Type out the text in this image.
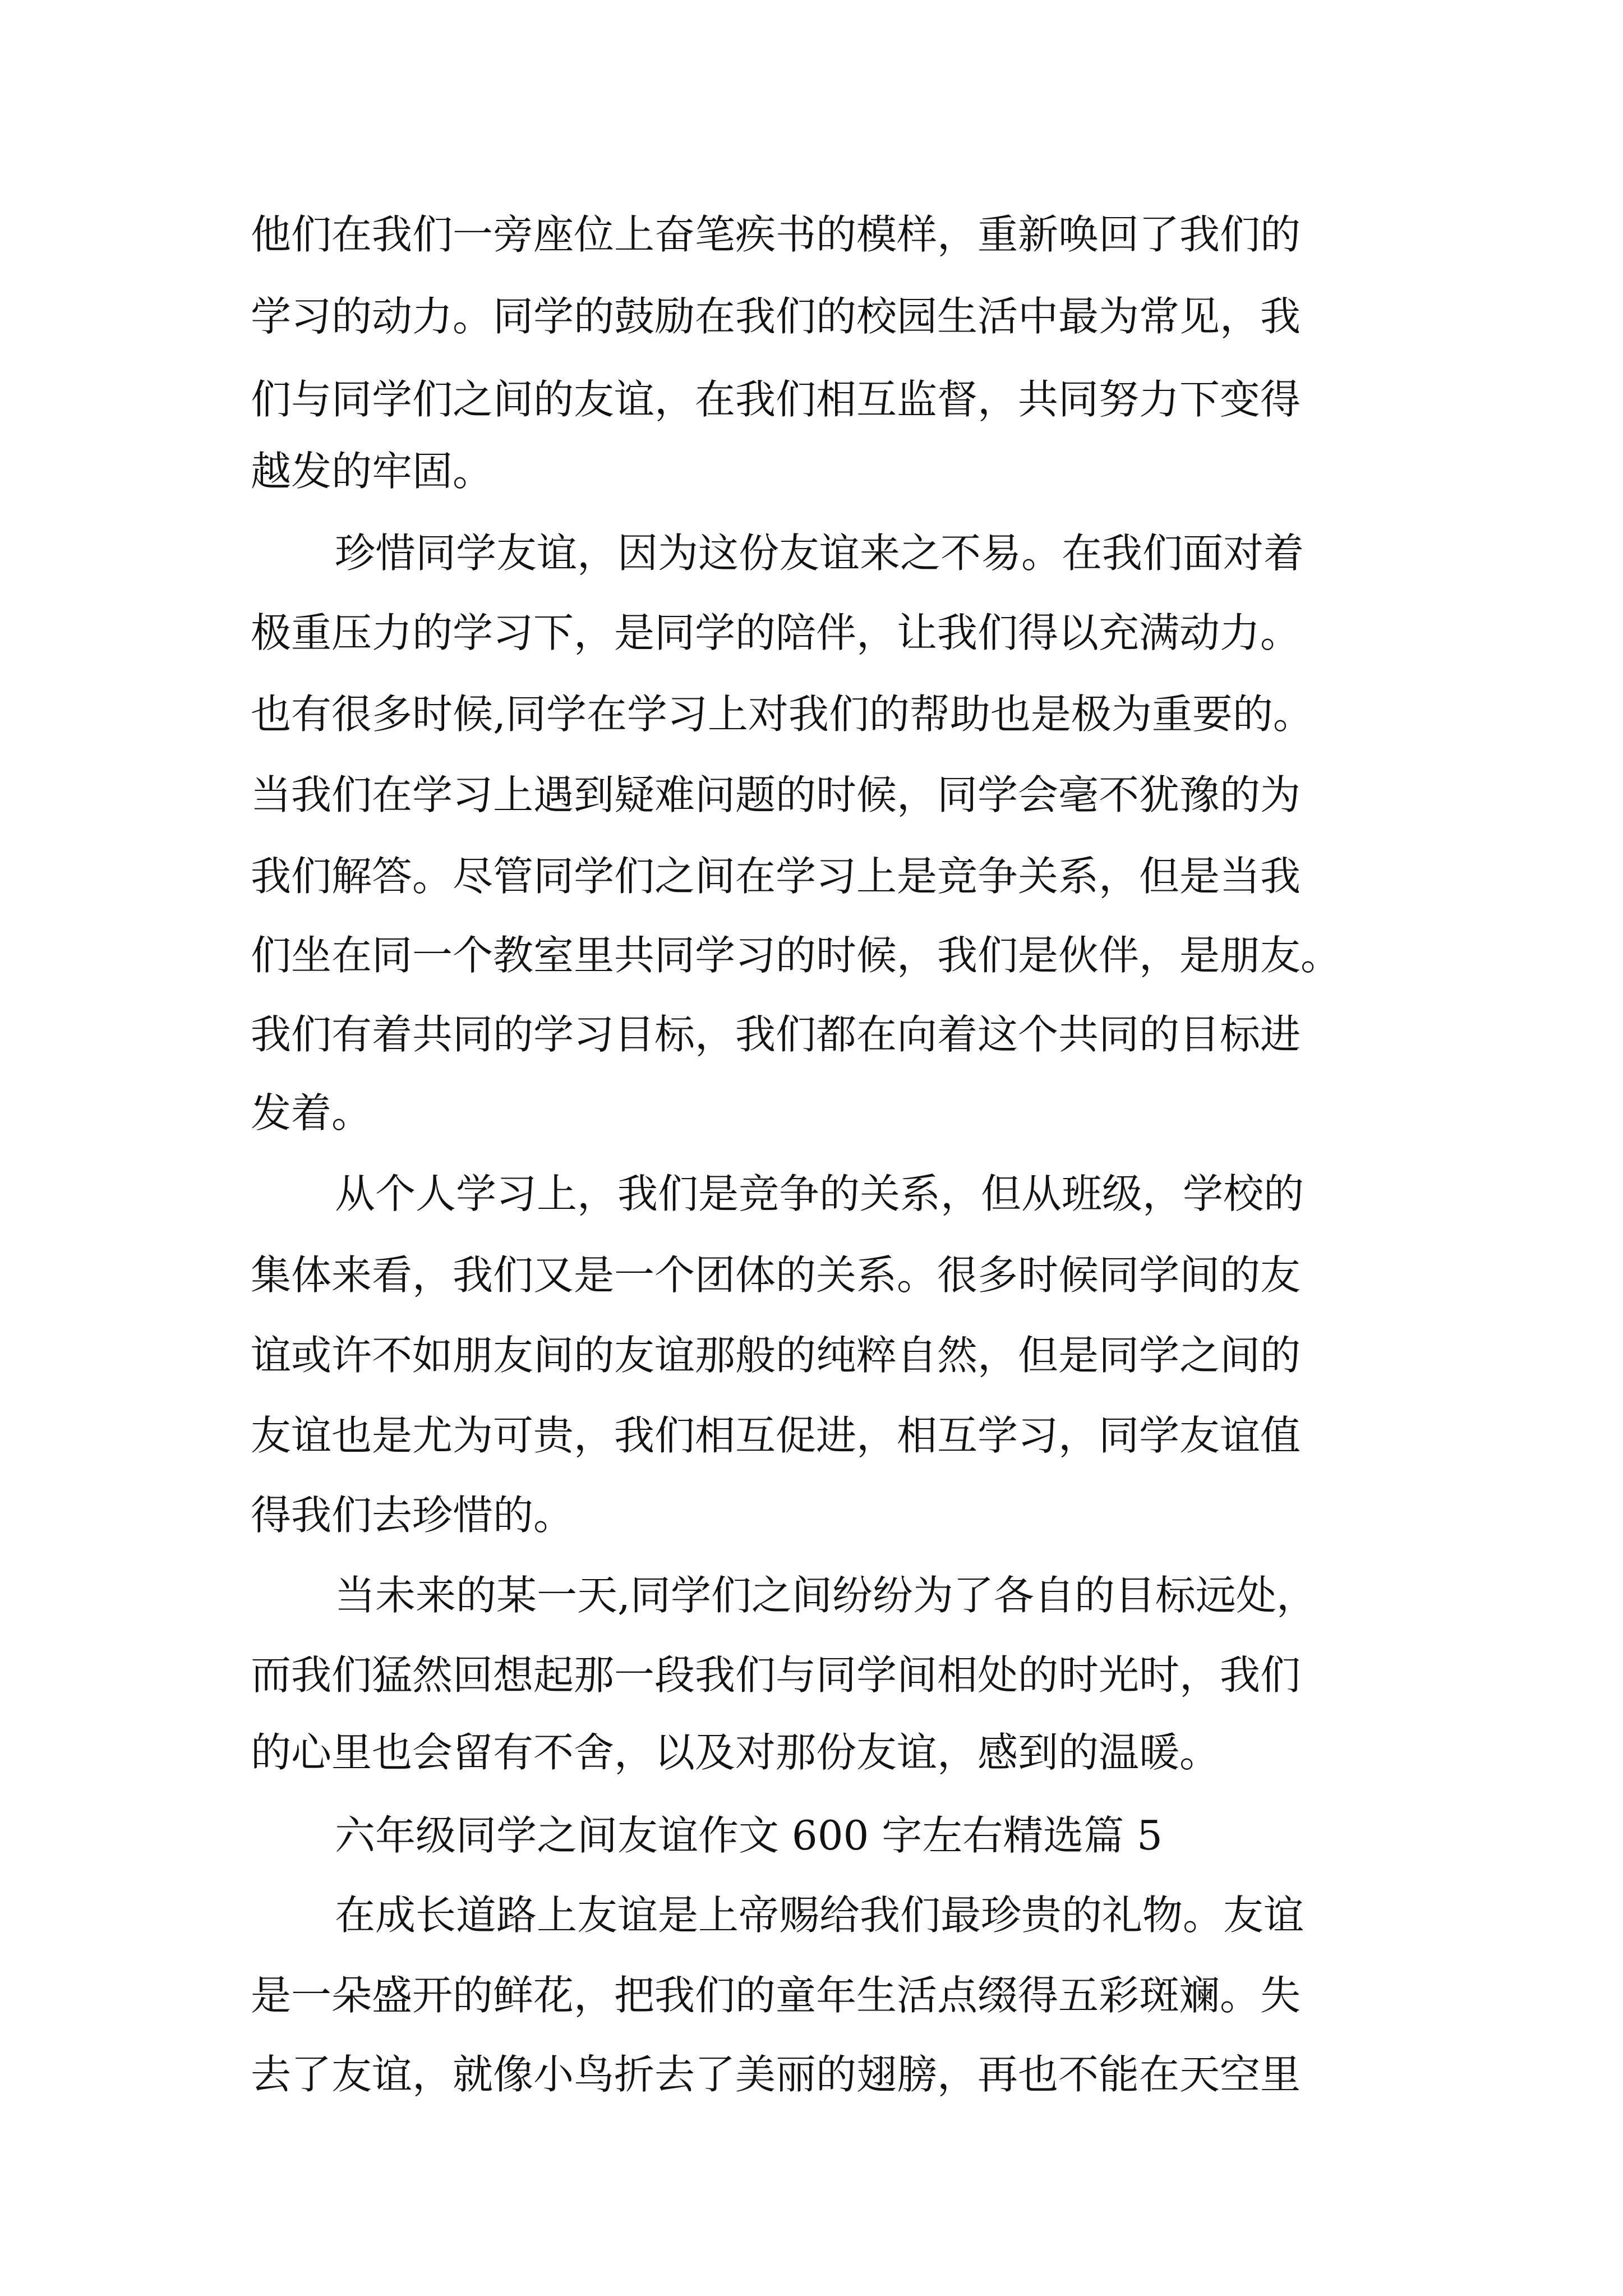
他们在我们一旁座位上奋笔疾书的模样，重新唤回了我们的
学习的动力。同学的鼓励在我们的校园生活中最为常见，我
们与同学们之间的友谊，在我们相互监督，共同努力下变得
越发的牢固。
珍惜同学友谊，因为这份友谊来之不易。在我们面对着
极重压力的学习下，是同学的陪伴，让我们得以充满动力。
也有很多时候,同学在学习上对我们的帮助也是极为重要的。
当我们在学习上遇到疑难问题的时候，同学会毫不犹豫的为
我们解答。尽管同学们之间在学习上是竞争关系，但是当我
们坐在同一个教室里共同学习的时候，我们是伙伴，是朋友。
我们有着共同的学习目标，我们都在向着这个共同的目标进
发着。
从个人学习上，我们是竞争的关系，但从班级，学校的
集体来看，我们又是一个团体的关系。很多时候同学间的友
谊或许不如朋友间的友谊那般的纯粹自然，但是同学之间的
友谊也是尤为可贵，我们相互促进，相互学习，同学友谊值
得我们去珍惜的。
当未来的某一天,同学们之间纷纷为了各自的目标远处，
而我们猛然回想起那一段我们与同学间相处的时光时，我们
的心里也会留有不舍，以及对那份友谊，感到的温暖。
六年级同学之间友谊作文 600 字左右精选篇 5
在成长道路上友谊是上帝赐给我们最珍贵的礼物。友谊
是一朵盛开的鲜花，把我们的童年生活点缀得五彩斑斓。失
去了友谊，就像小鸟折去了美丽的翅膀，再也不能在天空里
